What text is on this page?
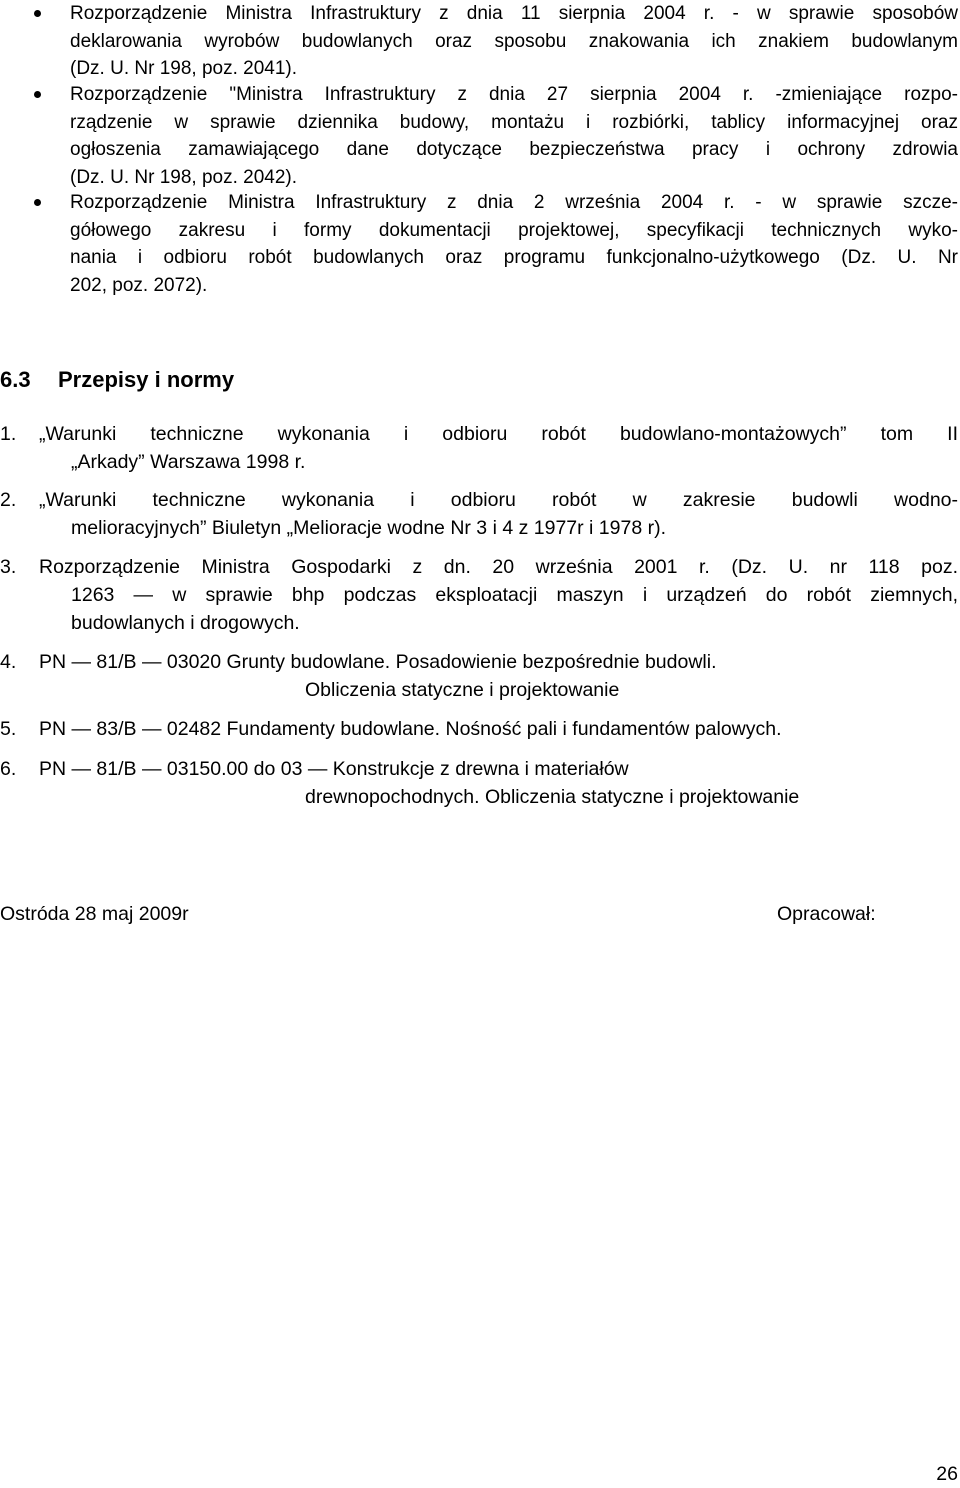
Rozporządzenie Ministra Infrastruktury z dnia 11 sierpnia 2004 r. - w sprawie sposobów
deklarowania wyrobów budowlanych oraz sposobu znakowania ich znakiem budowlanym
(Dz. U. Nr 198, poz. 2041).
Rozporządzenie "Ministra Infrastruktury z dnia 27 sierpnia 2004 r. -zmieniające rozpo-
rządzenie w sprawie dziennika budowy, montażu i rozbiórki, tablicy informacyjnej oraz
ogłoszenia zamawiającego dane dotyczące bezpieczeństwa pracy i ochrony zdrowia
(Dz. U. Nr 198, poz. 2042).
Rozporządzenie Ministra Infrastruktury z dnia 2 września 2004 r. - w sprawie szcze-
gółowego zakresu i formy dokumentacji projektowej, specyfikacji technicznych wyko-
nania i odbioru robót budowlanych oraz programu funkcjonalno-użytkowego (Dz. U. Nr
202, poz. 2072).
6.3 Przepisy i normy
1. „Warunki techniczne wykonania i odbioru robót budowlano-montażowych” tom II
„Arkady” Warszawa 1998 r.
2. „Warunki techniczne wykonania i odbioru robót w zakresie budowli wodno-
melioracyjnych” Biuletyn „Melioracje wodne Nr 3 i 4 z 1977r i 1978 r).
3. Rozporządzenie Ministra Gospodarki z dn. 20 września 2001 r. (Dz. U. nr 118 poz.
1263 — w sprawie bhp podczas eksploatacji maszyn i urządzeń do robót ziemnych,
budowlanych i drogowych.
4. PN — 81/B — 03020 Grunty budowlane. Posadowienie bezpośrednie budowli.
Obliczenia statyczne i projektowanie
5. PN — 83/B — 02482 Fundamenty budowlane. Nośność pali i fundamentów palowych.
6. PN — 81/B — 03150.00 do 03 — Konstrukcje z drewna i materiałów
drewnopochodnych. Obliczenia statyczne i projektowanie
Ostróda 28 maj 2009r	Opracował:
26
